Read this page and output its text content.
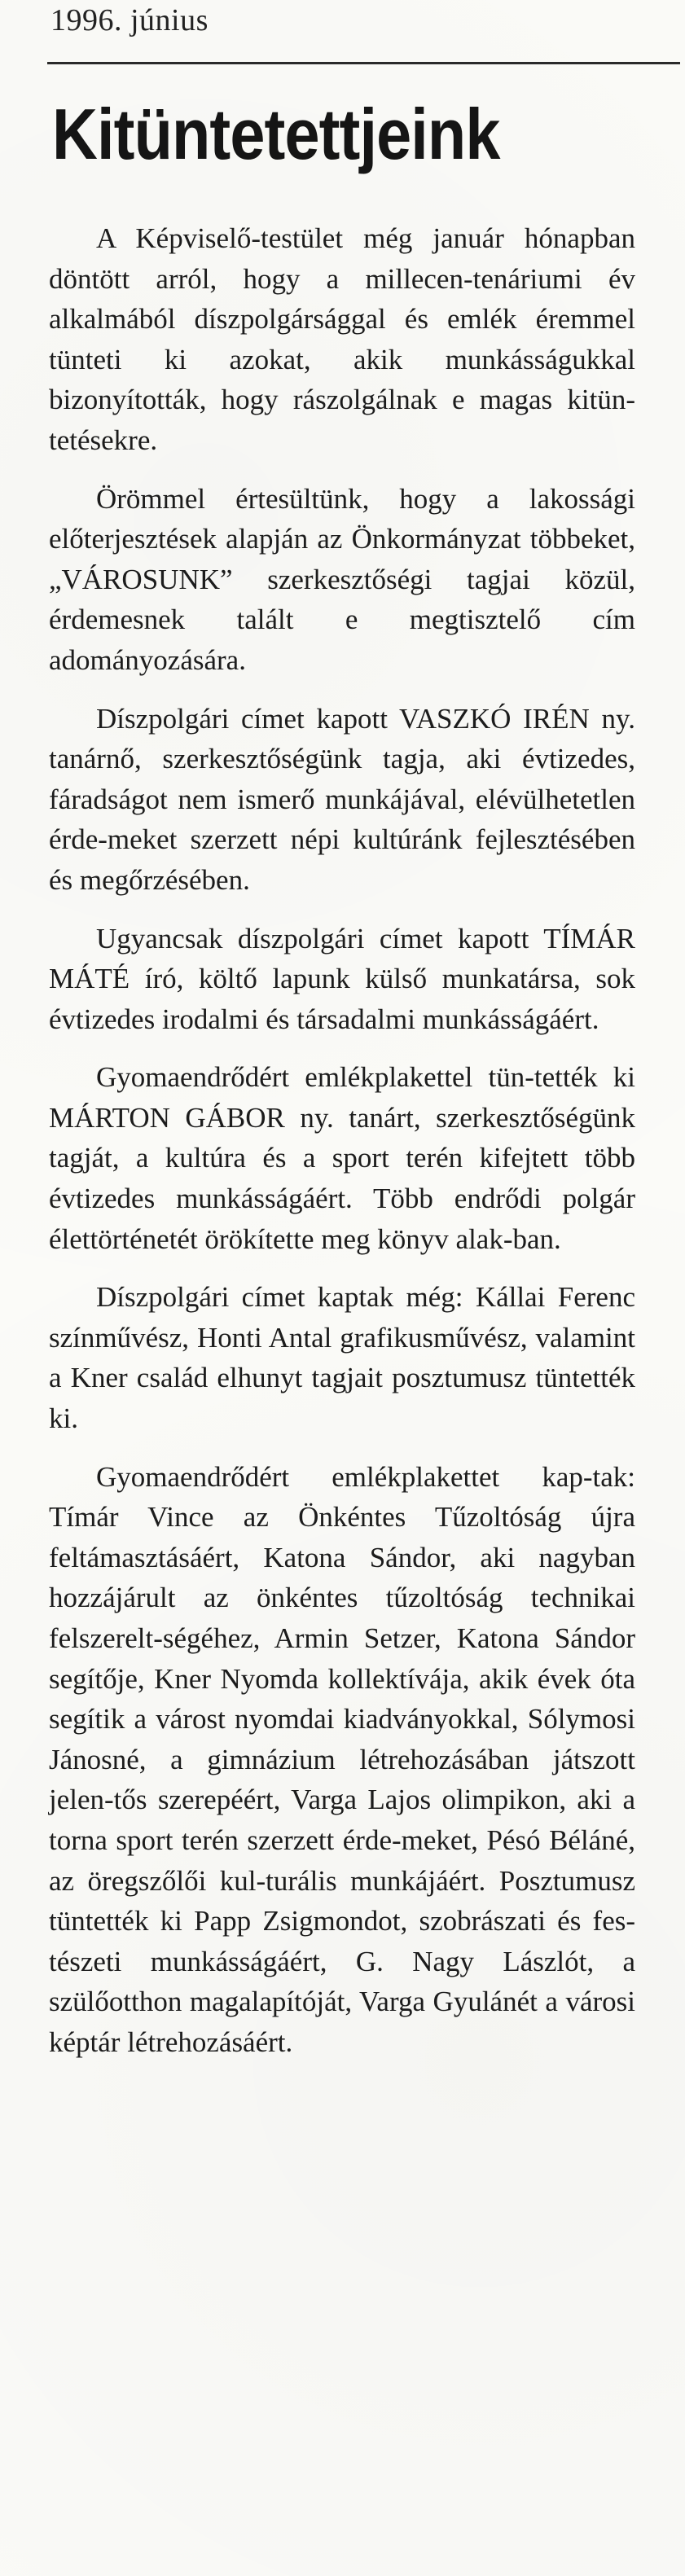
1996. június
Kitüntetettjeink

A Képviselő-testület még január hónapban döntött arról, hogy a millecen-tenáriumi év alkalmából díszpolgársággal és emlék éremmel tünteti ki azokat, akik munkásságukkal bizonyították, hogy rászolgálnak e magas kitün-tetésekre.

Örömmel értesültünk, hogy a lakossági előterjesztések alapján az Önkormányzat többeket, „VÁROSUNK” szerkesztőségi tagjai közül, érdemesnek talált e megtisztelő cím adományozására.

Díszpolgári címet kapott VASZKÓ IRÉN ny. tanárnő, szerkesztőségünk tagja, aki évtizedes, fáradságot nem ismerő munkájával, elévülhetetlen érde-meket szerzett népi kultúránk fejlesztésében és megőrzésében.

Ugyancsak díszpolgári címet kapott TÍMÁR MÁTÉ író, költő lapunk külső munkatársa, sok évtizedes irodalmi és társadalmi munkásságáért.

Gyomaendrődért emlékplakettel tün-tették ki MÁRTON GÁBOR ny. tanárt, szerkesztőségünk tagját, a kultúra és a sport terén kifejtett több évtizedes munkásságáért. Több endrődi polgár élettörténetét örökítette meg könyv alak-ban.

Díszpolgári címet kaptak még: Kállai Ferenc színművész, Honti Antal grafikusművész, valamint a Kner család elhunyt tagjait posztumusz tüntették ki.

Gyomaendrődért emlékplakettet kap-tak: Tímár Vince az Önkéntes Tűzoltóság újra feltámasztásáért, Katona Sándor, aki nagyban hozzájárult az önkéntes tűzoltóság technikai felszerelt-ségéhez, Armin Setzer, Katona Sándor segítője, Kner Nyomda kollektívája, akik évek óta segítik a várost nyomdai kiadványokkal, Sólymosi Jánosné, a gimnázium létrehozásában játszott jelen-tős szerepéért, Varga Lajos olimpikon, aki a torna sport terén szerzett érde-meket, Pésó Béláné, az öregszőlői kul-turális munkájáért. Posztumusz tüntették ki Papp Zsigmondot, szobrászati és fes-tészeti munkásságáért, G. Nagy Lászlót, a szülőotthon magalapítóját, Varga Gyulánét a városi képtár létrehozásáért.
